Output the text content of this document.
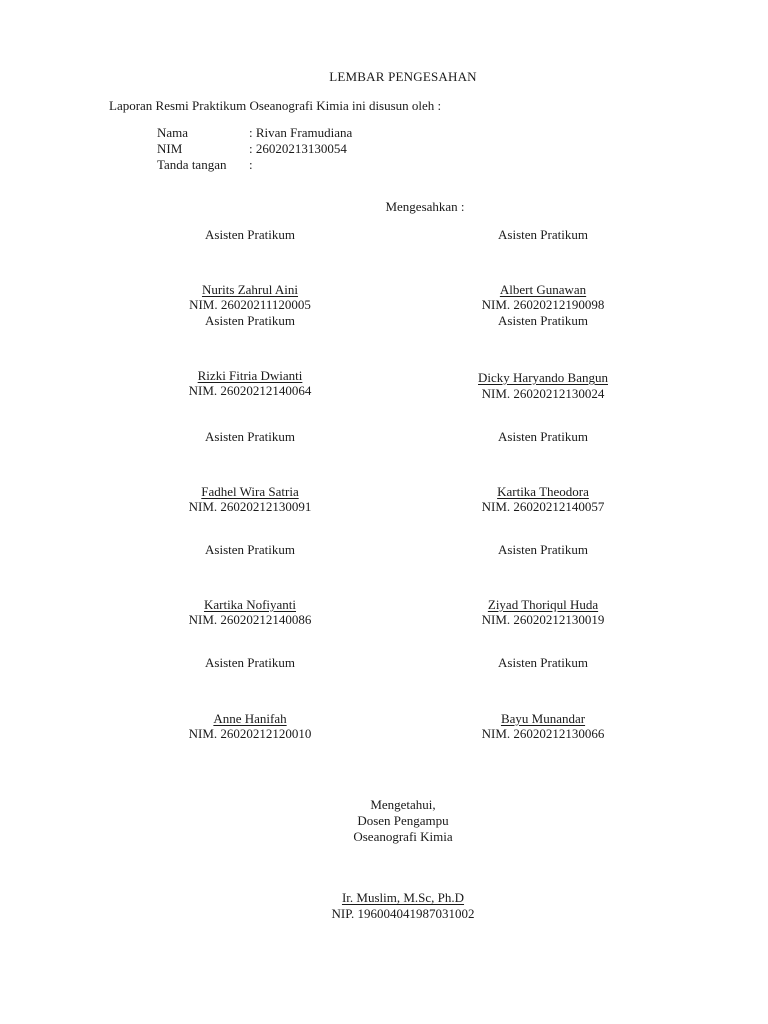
LEMBAR PENGESAHAN
Laporan Resmi Praktikum Oseanografi Kimia ini disusun oleh :
Nama	: Rivan Framudiana
NIM	: 26020213130054
Tanda tangan :
Mengesahkan :
Asisten Pratikum	Asisten Pratikum
Nurits Zahrul Aini
NIM. 26020211120005
Albert Gunawan
NIM. 26020212190098
Asisten Pratikum	Asisten Pratikum
Rizki Fitria Dwianti
NIM. 26020212140064
Dicky Haryando Bangun
NIM. 26020212130024
Asisten Pratikum	Asisten Pratikum
Fadhel Wira Satria
NIM. 26020212130091
Kartika Theodora
NIM. 26020212140057
Asisten Pratikum	Asisten Pratikum
Kartika Nofiyanti
NIM. 26020212140086
Ziyad Thoriqul Huda
NIM. 26020212130019
Asisten Pratikum	Asisten Pratikum
Anne Hanifah
NIM. 26020212120010
Bayu Munandar
NIM. 26020212130066
Mengetahui,
Dosen Pengampu
Oseanografi Kimia
Ir. Muslim, M.Sc, Ph.D
NIP. 196004041987031002
